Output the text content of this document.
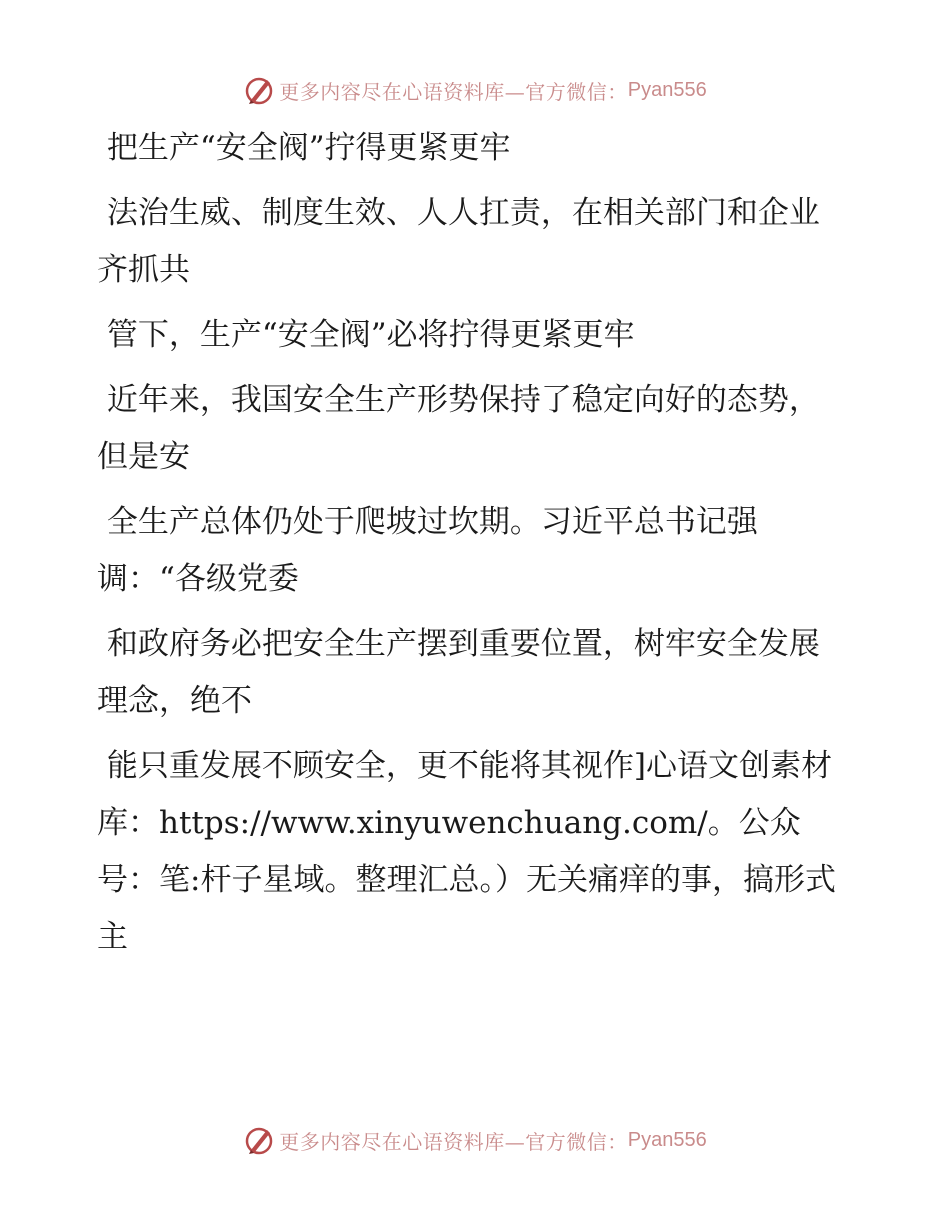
更多内容尽在心语资料库—官方微信： Pyan556

把生产“安全阀”拧得更紧更牢

法治生威、制度生效、人人扛责，在相关部门和企业齐抓共

管下，生产“安全阀”必将拧得更紧更牢

近年来，我国安全生产形势保持了稳定向好的态势，但是安

全生产总体仍处于爬坡过坎期。习近平总书记强调：“各级党委

和政府务必把安全生产摆到重要位置，树牢安全发展理念，绝不

能只重发展不顾安全，更不能将其视作]心语文创素材库：https://www.xinyuwenchuang.com/。公众号：笔:杆子星域。整理汇总。）无关痛痒的事，搞形式主

更多内容尽在心语资料库—官方微信： Pyan556
